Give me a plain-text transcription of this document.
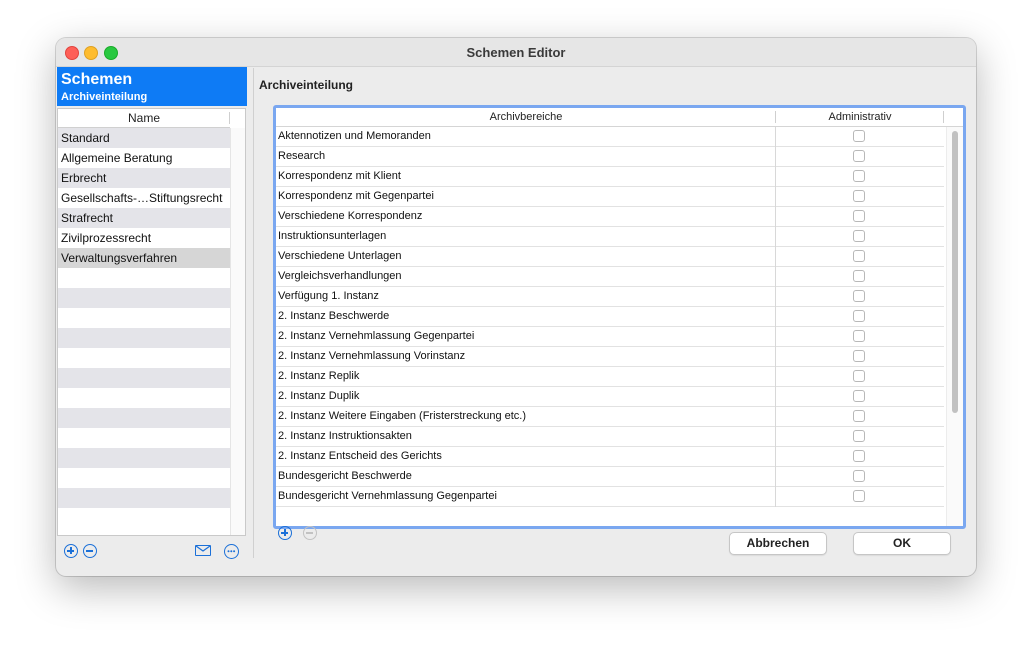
Schemen Editor
Schemen
Archiveinteilung
Name
Standard
Allgemeine Beratung
Erbrecht
Gesellschafts-…Stiftungsrecht
Strafrecht
Zivilprozessrecht
Verwaltungsverfahren
Archiveinteilung
Archivbereiche	Administrativ
Aktennotizen und Memoranden
Research
Korrespondenz mit Klient
Korrespondenz mit Gegenpartei
Verschiedene Korrespondenz
Instruktionsunterlagen
Verschiedene Unterlagen
Vergleichsverhandlungen
Verfügung 1. Instanz
2. Instanz Beschwerde
2. Instanz Vernehmlassung Gegenpartei
2. Instanz Vernehmlassung Vorinstanz
2. Instanz Replik
2. Instanz Duplik
2. Instanz Weitere Eingaben (Fristerstreckung etc.)
2. Instanz Instruktionsakten
2. Instanz Entscheid des Gerichts
Bundesgericht Beschwerde
Bundesgericht Vernehmlassung Gegenpartei
Abbrechen	OK
